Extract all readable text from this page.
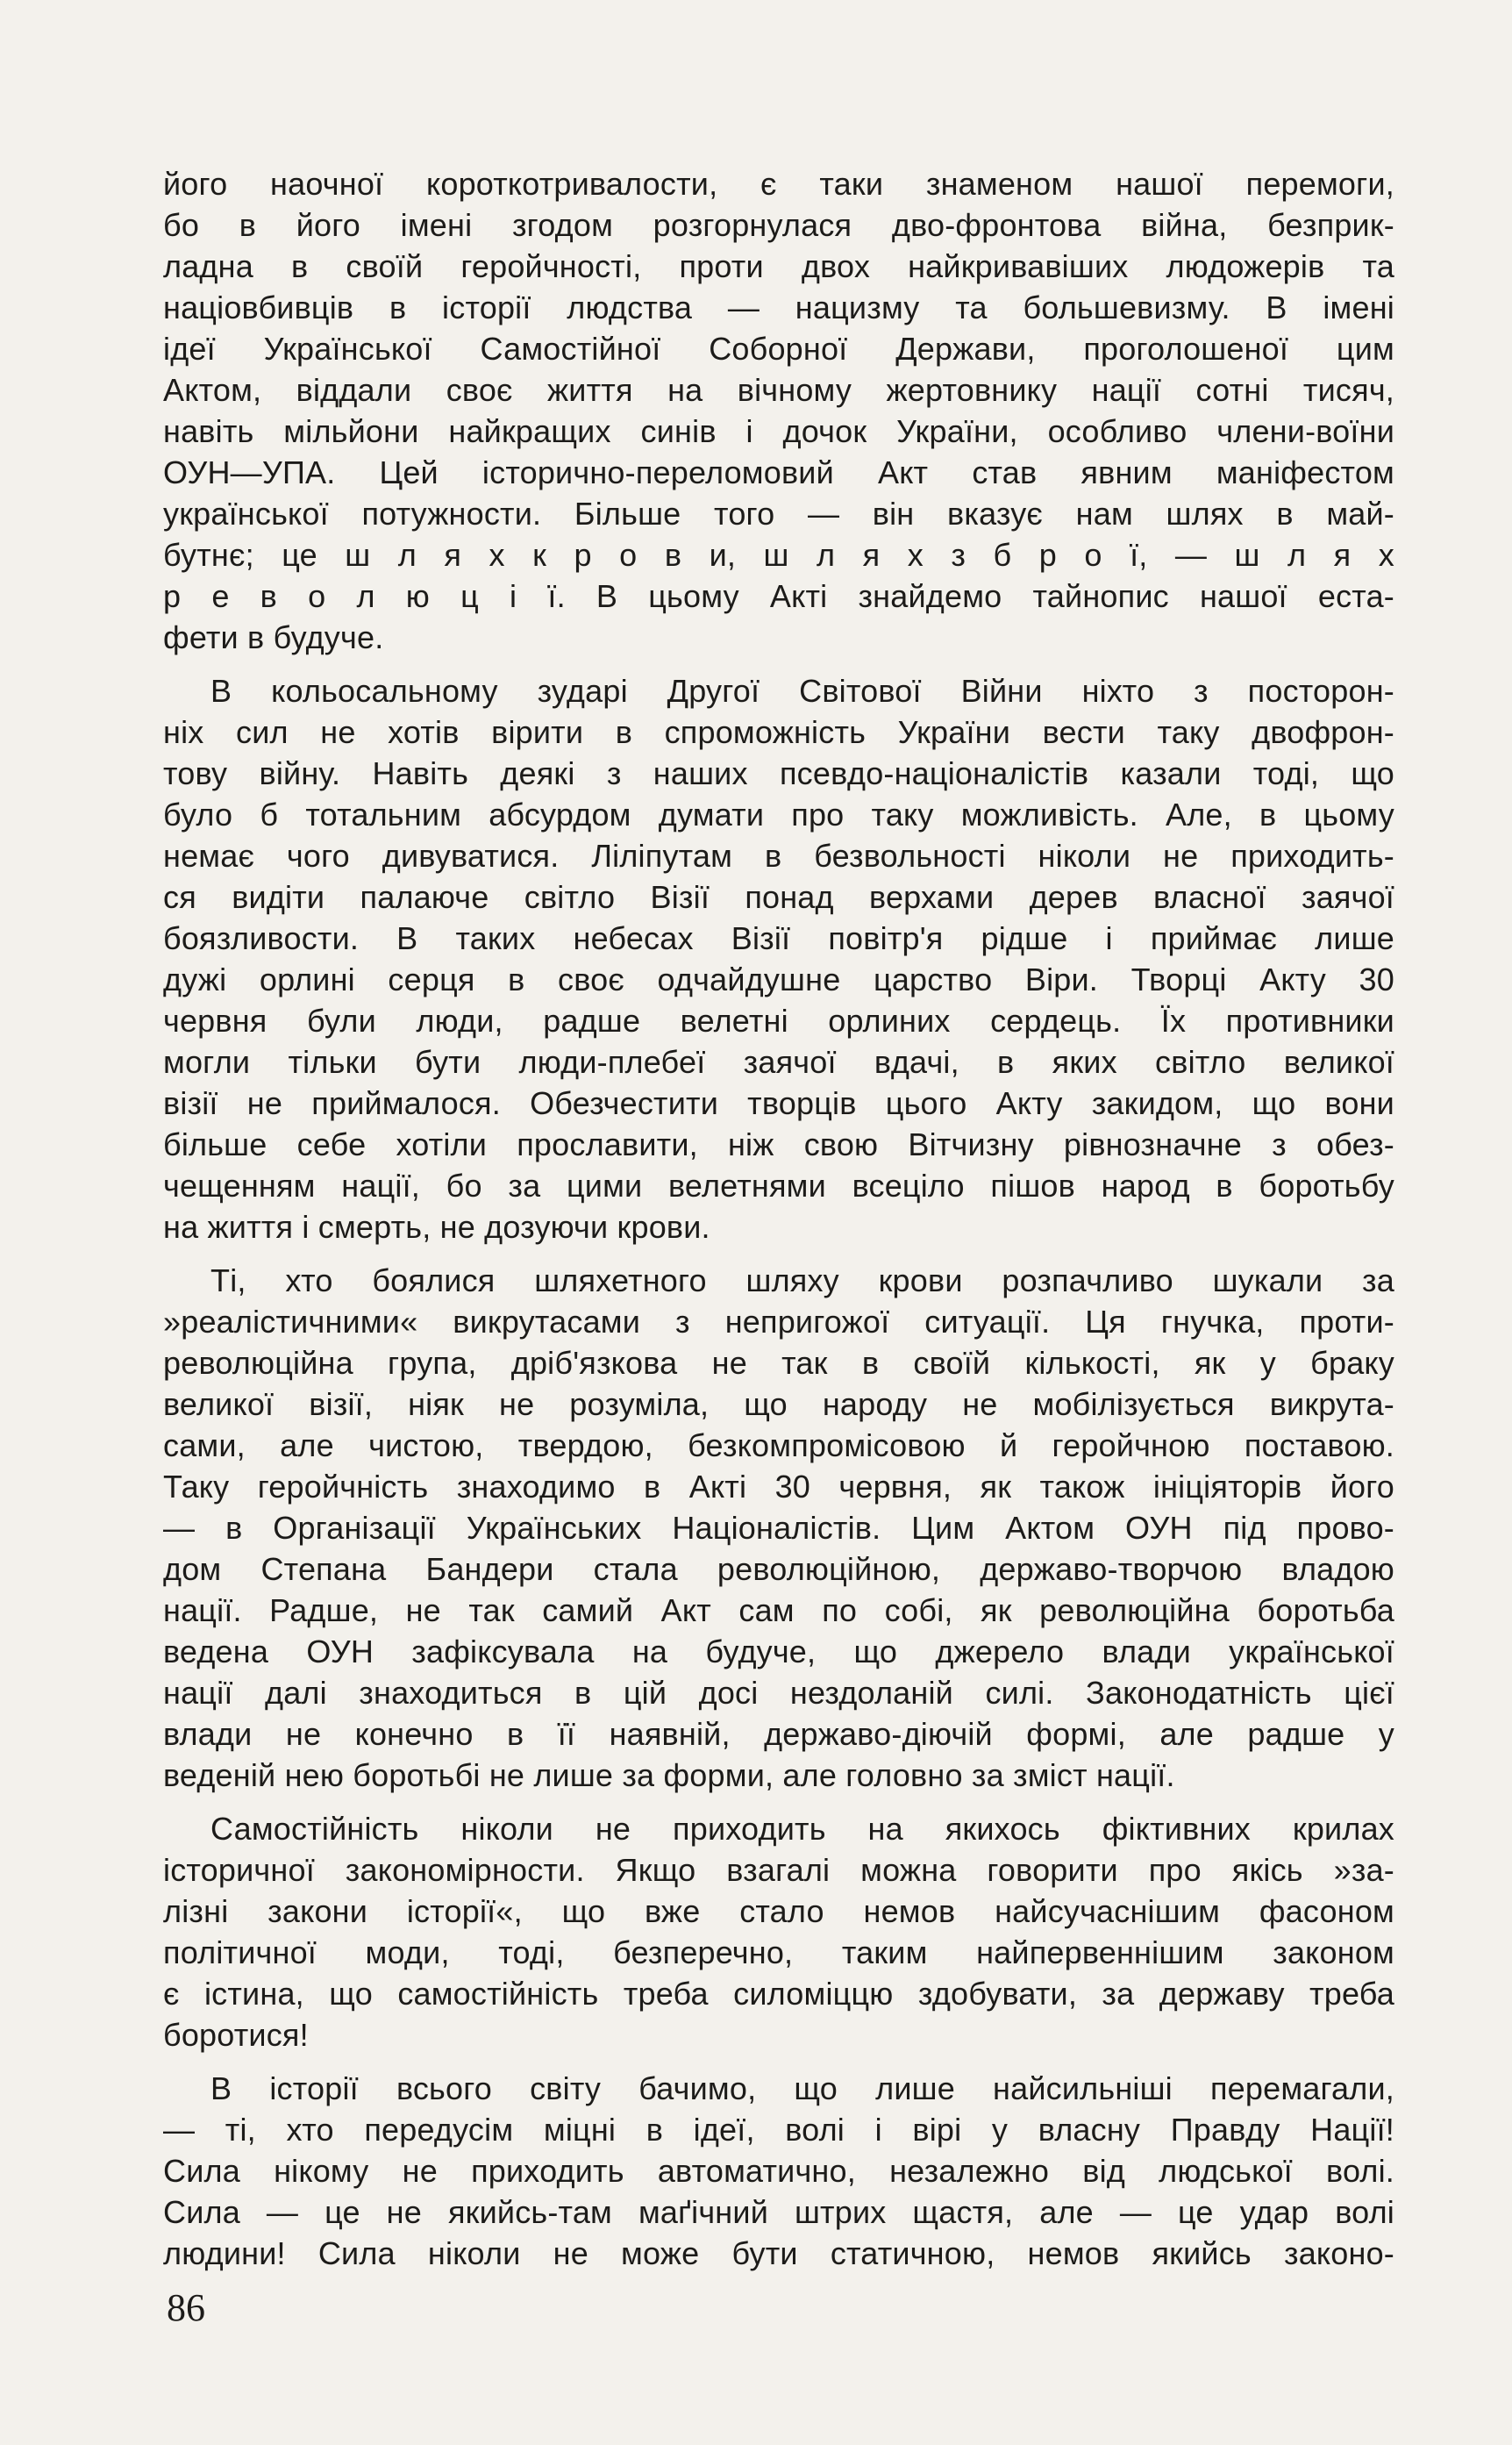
його наочної короткотривалости, є таки знаменом нашої перемоги,
бо в його імені згодом розгорнулася дво-фронтова війна, безприк-
ладна в своїй геройчності, проти двох найкривавіших людожерів та
націовбивців в історії людства — нацизму та большевизму. В імені
ідеї Української Самостійної Соборної Держави, проголошеної цим
Актом, віддали своє життя на вічному жертовнику нації сотні тисяч,
навіть мільйони найкращих синів і дочок України, особливо члени-воїни
ОУН—УПА. Цей історично-переломовий Акт став явним маніфестом
української потужности. Більше того — він вказує нам шлях в май-
бутнє; це ш л я х к р о в и, ш л я х з б р о ї, — ш л я х
р е в о л ю ц і ї. В цьому Акті знайдемо тайнопис нашої еста-
фети в будуче.
В кольосальному зударі Другої Світової Війни ніхто з посторон-
ніх сил не хотів вірити в спроможність України вести таку двофрон-
тову війну. Навіть деякі з наших псевдо-націоналістів казали тоді, що
було б тотальним абсурдом думати про таку можливість. Але, в цьому
немає чого дивуватися. Ліліпутам в безвольності ніколи не приходить-
ся видіти палаюче світло Візії понад верхами дерев власної заячої
боязливости. В таких небесах Візії повітр'я рідше і приймає лише
дужі орлині серця в своє одчайдушне царство Віри. Творці Акту 30
червня були люди, радше велетні орлиних сердець. Їх противники
могли тільки бути люди-плебеї заячої вдачі, в яких світло великої
візії не приймалося. Обезчестити творців цього Акту закидом, що вони
більше себе хотіли прославити, ніж свою Вітчизну рівнозначне з обез-
чещенням нації, бо за цими велетнями всеціло пішов народ в боротьбу
на життя і смерть, не дозуючи крови.
Ті, хто боялися шляхетного шляху крови розпачливо шукали за
»реалістичними« викрутасами з непригожої ситуації. Ця гнучка, проти-
революційна група, дріб'язкова не так в своїй кількості, як у браку
великої візії, ніяк не розуміла, що народу не мобілізується викрута-
сами, але чистою, твердою, безкомпромісовою й геройчною поставою.
Таку геройчність знаходимо в Акті 30 червня, як також ініціяторів його
— в Організації Українських Націоналістів. Цим Актом ОУН під прово-
дом Степана Бандери стала революційною, державо-творчою владою
нації. Радше, не так самий Акт сам по собі, як революційна боротьба
ведена ОУН зафіксувала на будуче, що джерело влади української
нації далі знаходиться в цій досі нездоланій силі. Законодатність цієї
влади не конечно в її наявній, державо-діючій формі, але радше у
веденій нею боротьбі не лише за форми, але головно за зміст нації.
Самостійність ніколи не приходить на якихось фіктивних крилах
історичної закономірности. Якщо взагалі можна говорити про якісь »за-
лізні закони історії«, що вже стало немов найсучаснішим фасоном
політичної моди, тоді, безперечно, таким найпервеннішим законом
є істина, що самостійність треба силоміццю здобувати, за державу треба
боротися!
В історії всього світу бачимо, що лише найсильніші перемагали,
— ті, хто передусім міцні в ідеї, волі і вірі у власну Правду Нації!
Сила нікому не приходить автоматично, незалежно від людської волі.
Сила — це не якийсь-там маґічний штрих щастя, але — це удар волі
людини! Сила ніколи не може бути статичною, немов якийсь законо-
86
